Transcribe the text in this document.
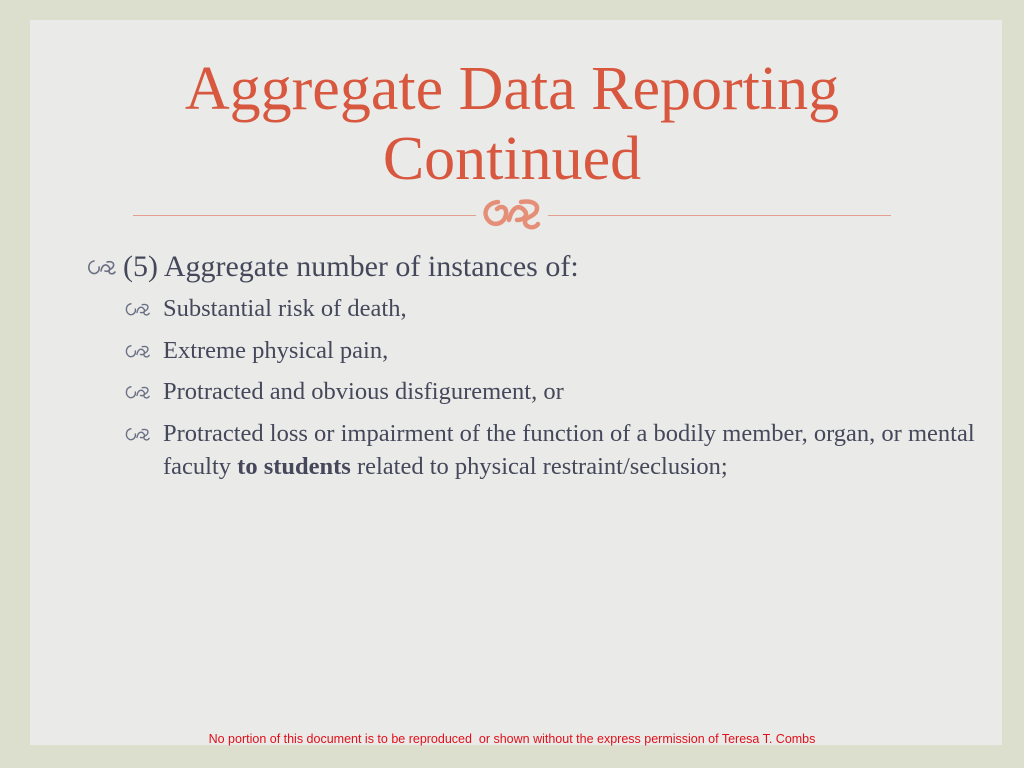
Aggregate Data Reporting
Continued
(5) Aggregate number of instances of:
Substantial risk of death,
Extreme physical pain,
Protracted and obvious disfigurement, or
Protracted loss or impairment of the function of a bodily member, organ, or mental faculty to students related to physical restraint/seclusion;
No portion of this document is to be reproduced  or shown without the express permission of Teresa T. Combs
